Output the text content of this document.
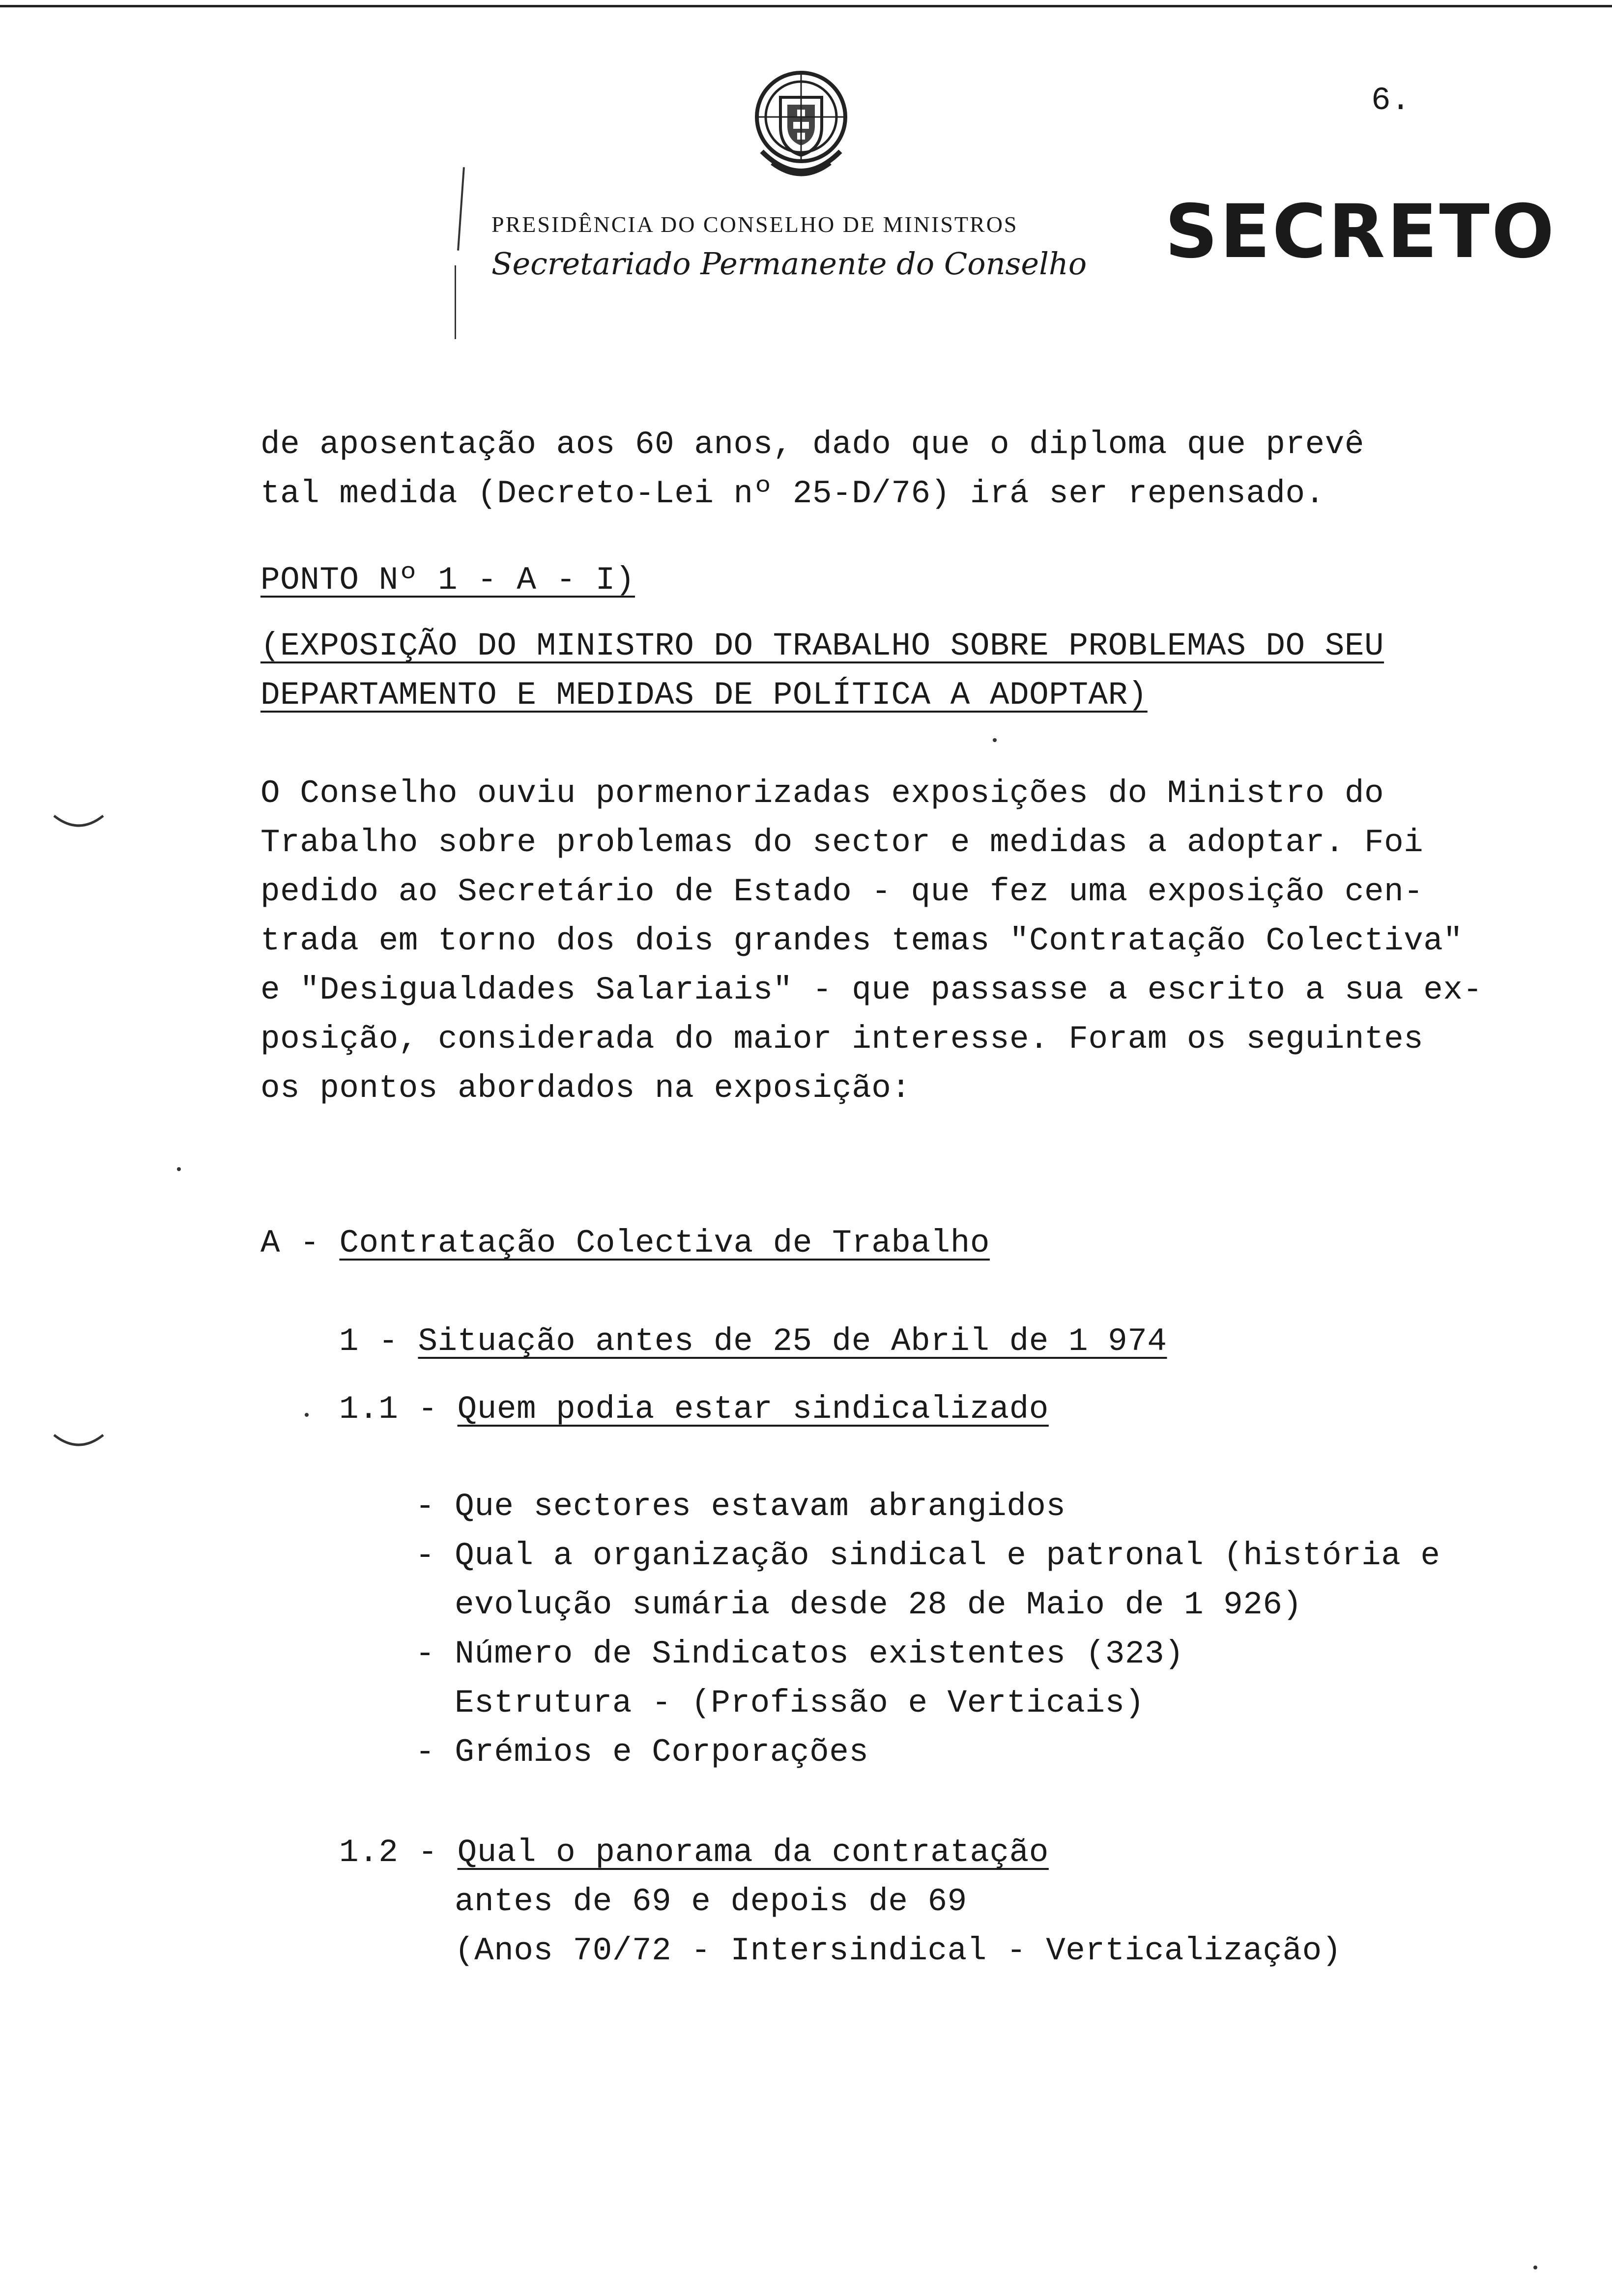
6.
PRESIDÊNCIA DO CONSELHO DE MINISTROS
Secretariado Permanente do Conselho SECRETO
de aposentação aos 60 anos, dado que o diploma que prevê
tal medida (Decreto-Lei nº 25-D/76) irá ser repensado.
PONTO Nº 1 - A - I)
(EXPOSIÇÃO DO MINISTRO DO TRABALHO SOBRE PROBLEMAS DO SEU
DEPARTAMENTO E MEDIDAS DE POLÍTICA A ADOPTAR)

O Conselho ouviu pormenorizadas exposições do Ministro do

Trabalho sobre problemas do sector e medidas a adoptar. Foi

pedido ao Secretário de Estado - que fez uma exposição cen-

trada em torno dos dois grandes temas "Contratação Colectiva"

e "Desigualdades Salariais" - que passasse a escrito a sua ex-

posição, considerada do maior interesse. Foram os seguintes

os pontos abordados na exposição:

A - Contratação Colectiva de Trabalho
1 - Situação antes de 25 de Abril de 1 974
1.1 - Quem podia estar sindicalizado
- Que sectores estavam abrangidos
- Qual a organização sindical e patronal (história e
evolução sumária desde 28 de Maio de 1 926)
- Número de Sindicatos existentes (323)
Estrutura - (Profissão e Verticais)
- Grémios e Corporações
1.2 - Qual o panorama da contratação
antes de 69 e depois de 69
(Anos 70/72 - Intersindical - Verticalização)
